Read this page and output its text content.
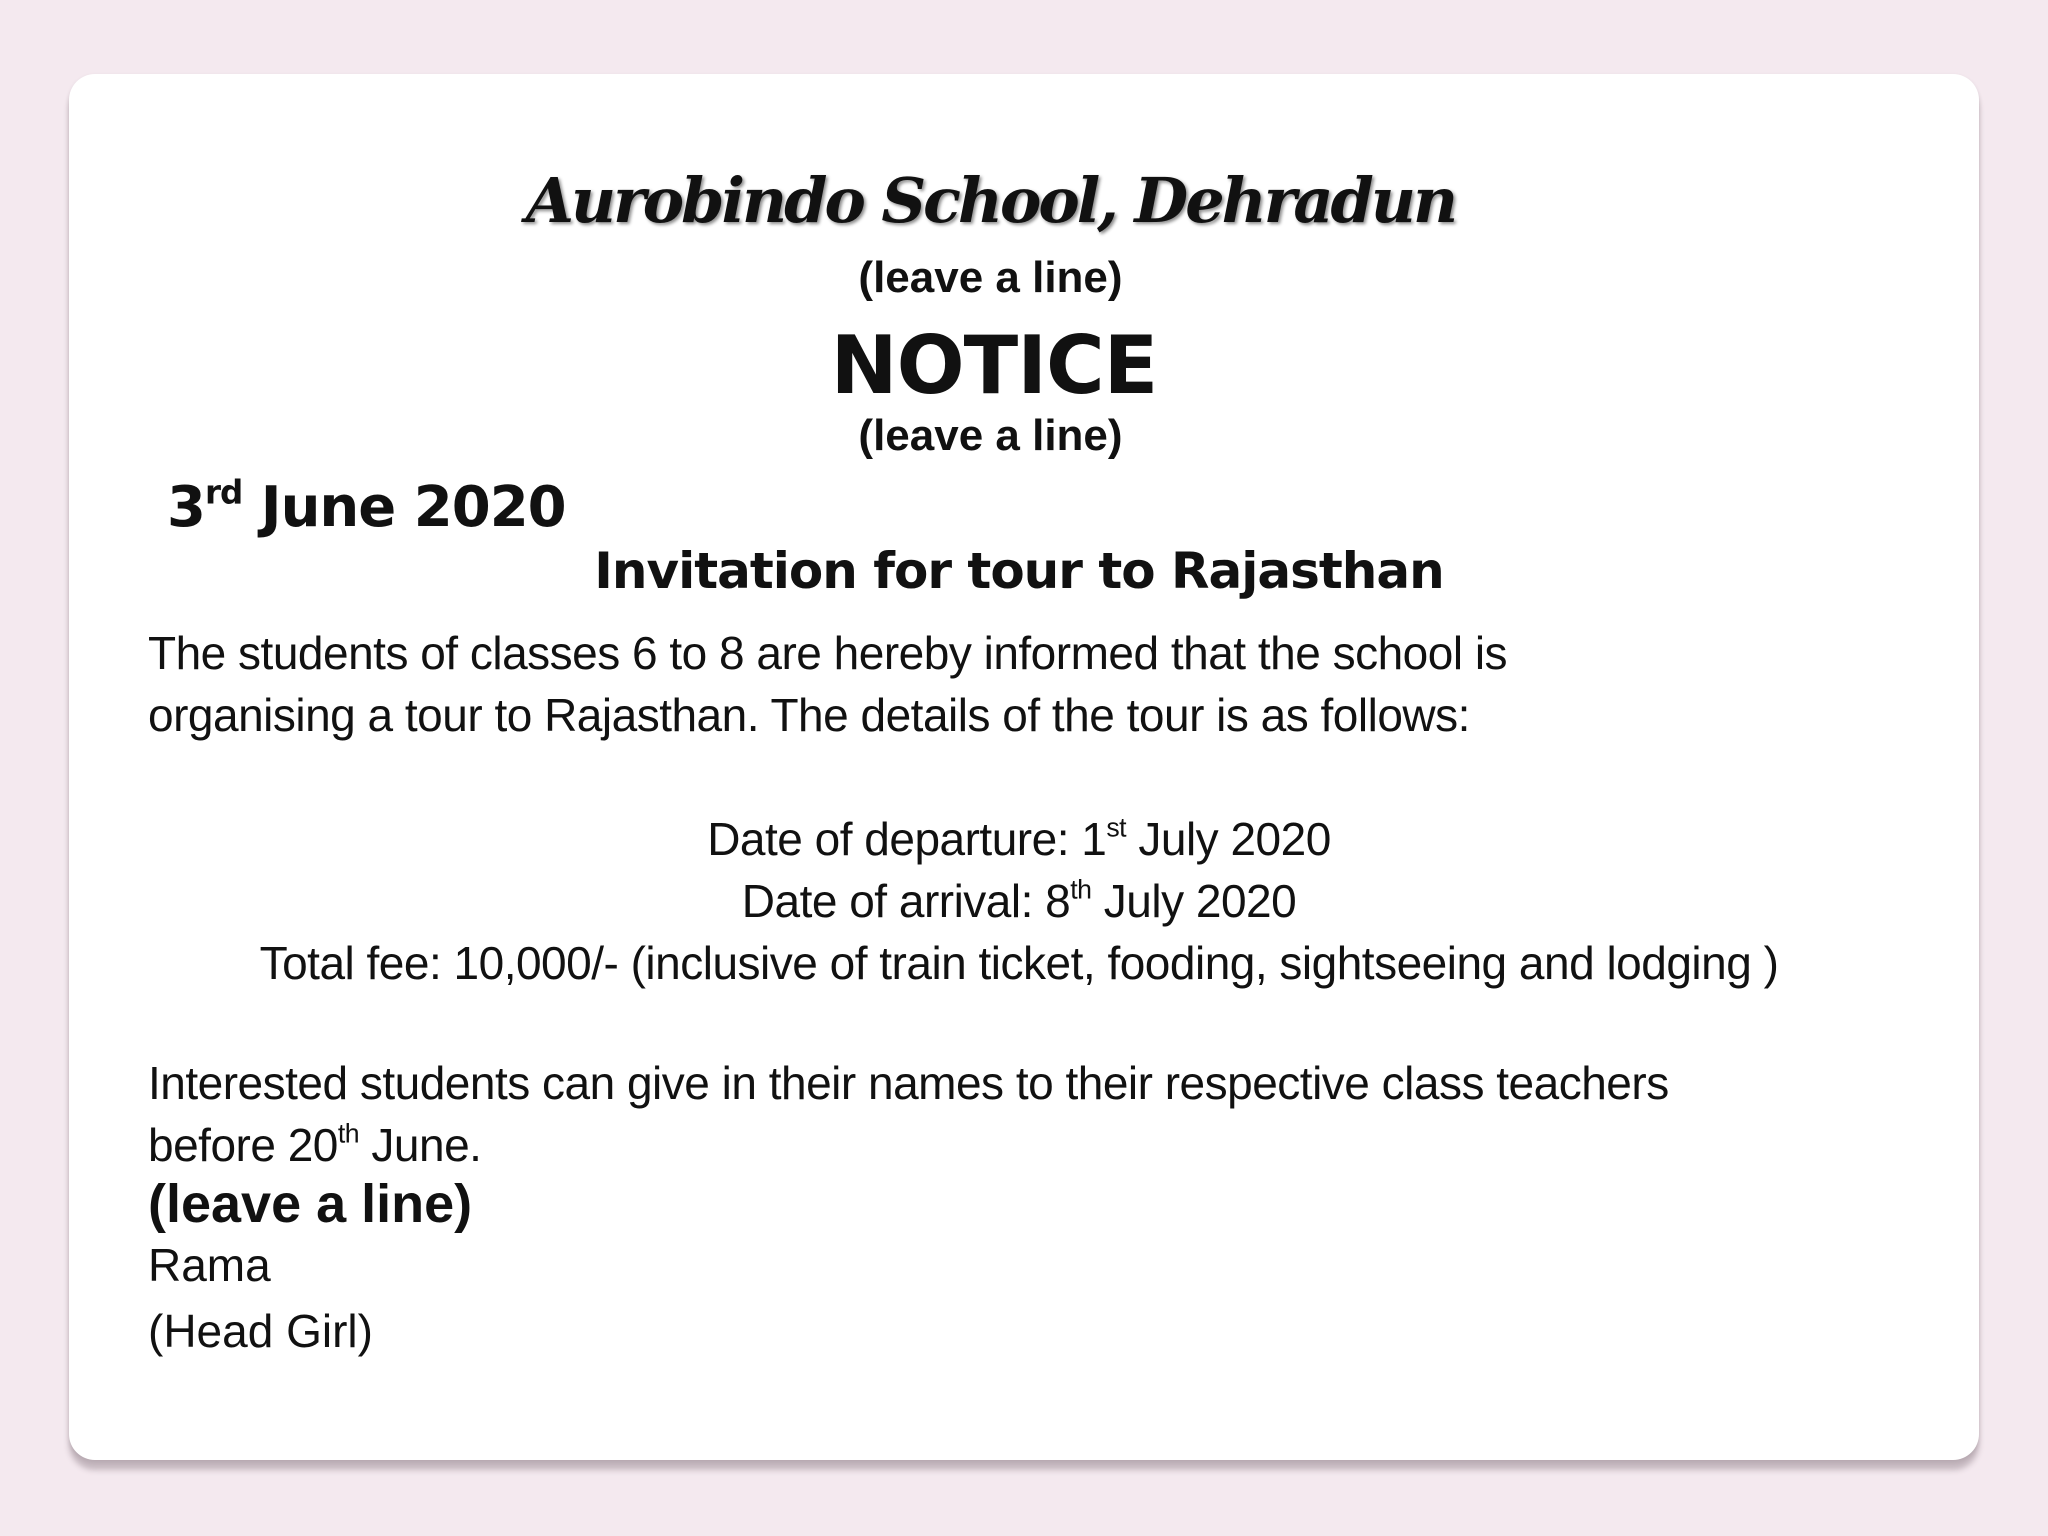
Aurobindo School, Dehradun
(leave a line)
NOTICE
(leave a line)
3rd June 2020
Invitation for tour to Rajasthan
The students of classes 6 to 8 are hereby informed that the school is
organising a tour to Rajasthan. The details of the tour is as follows:
Date of departure: 1st July 2020
Date of arrival: 8th July 2020
Total fee: 10,000/- (inclusive of train ticket, fooding, sightseeing and lodging )
Interested students can give in their names to their respective class teachers
before 20th June.
(leave a line)
Rama
(Head Girl)
